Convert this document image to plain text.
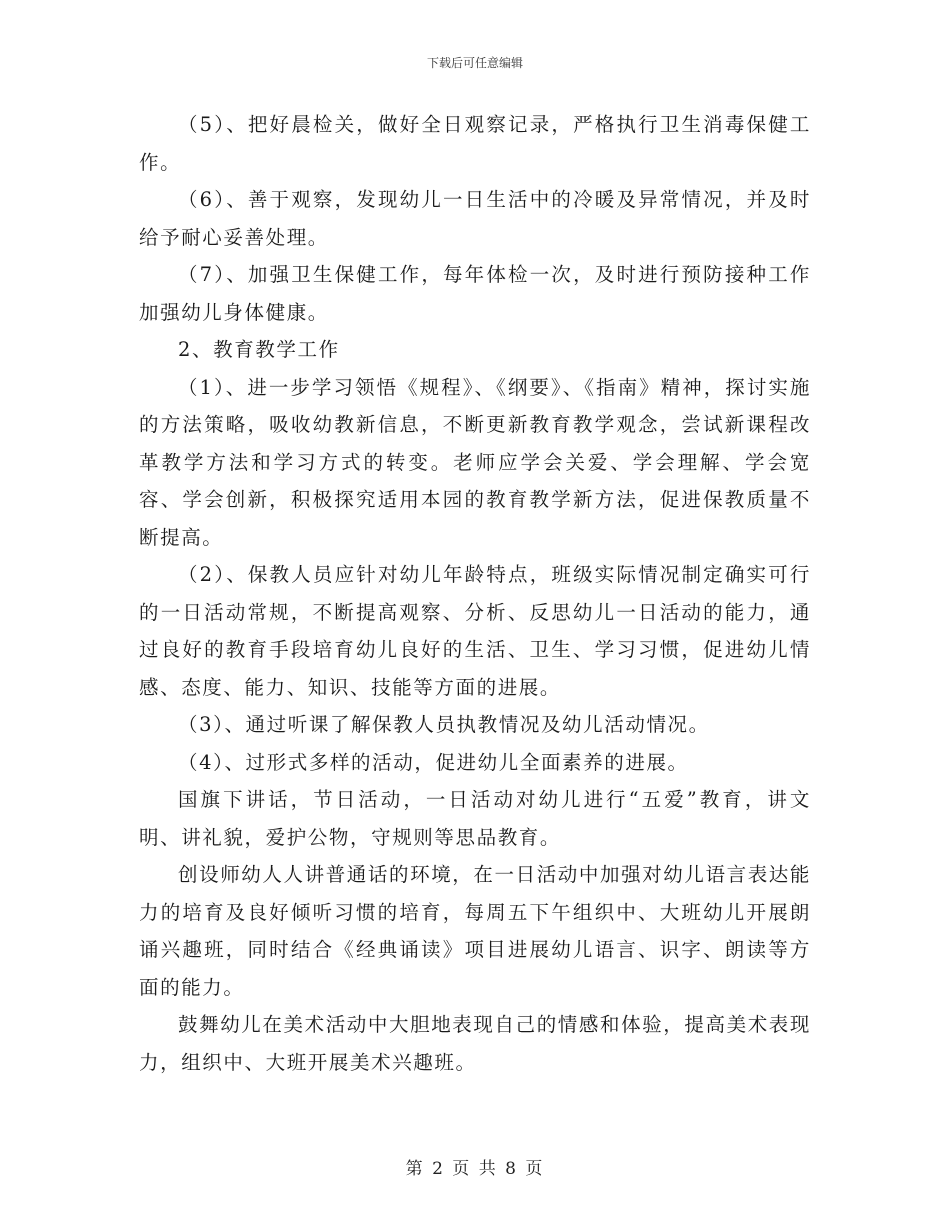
下载后可任意编辑

（5）、把好晨检关，做好全日观察记录，严格执行卫生消毒保健工作。

（6）、善于观察，发现幼儿一日生活中的冷暖及异常情况，并及时给予耐心妥善处理。

（7）、加强卫生保健工作，每年体检一次，及时进行预防接种工作加强幼儿身体健康。

2、教育教学工作

（1）、进一步学习领悟《规程》、《纲要》、《指南》精神，探讨实施的方法策略，吸收幼教新信息，不断更新教育教学观念，尝试新课程改革教学方法和学习方式的转变。老师应学会关爱、学会理解、学会宽容、学会创新，积极探究适用本园的教育教学新方法，促进保教质量不断提高。

（2）、保教人员应针对幼儿年龄特点，班级实际情况制定确实可行的一日活动常规，不断提高观察、分析、反思幼儿一日活动的能力，通过良好的教育手段培育幼儿良好的生活、卫生、学习习惯，促进幼儿情感、态度、能力、知识、技能等方面的进展。

（3）、通过听课了解保教人员执教情况及幼儿活动情况。

（4）、过形式多样的活动，促进幼儿全面素养的进展。

国旗下讲话，节日活动，一日活动对幼儿进行“五爱”教育，讲文明、讲礼貌，爱护公物，守规则等思品教育。

创设师幼人人讲普通话的环境，在一日活动中加强对幼儿语言表达能力的培育及良好倾听习惯的培育，每周五下午组织中、大班幼儿开展朗诵兴趣班，同时结合《经典诵读》项目进展幼儿语言、识字、朗读等方面的能力。

鼓舞幼儿在美术活动中大胆地表现自己的情感和体验，提高美术表现力，组织中、大班开展美术兴趣班。

第 2 页 共 8 页
